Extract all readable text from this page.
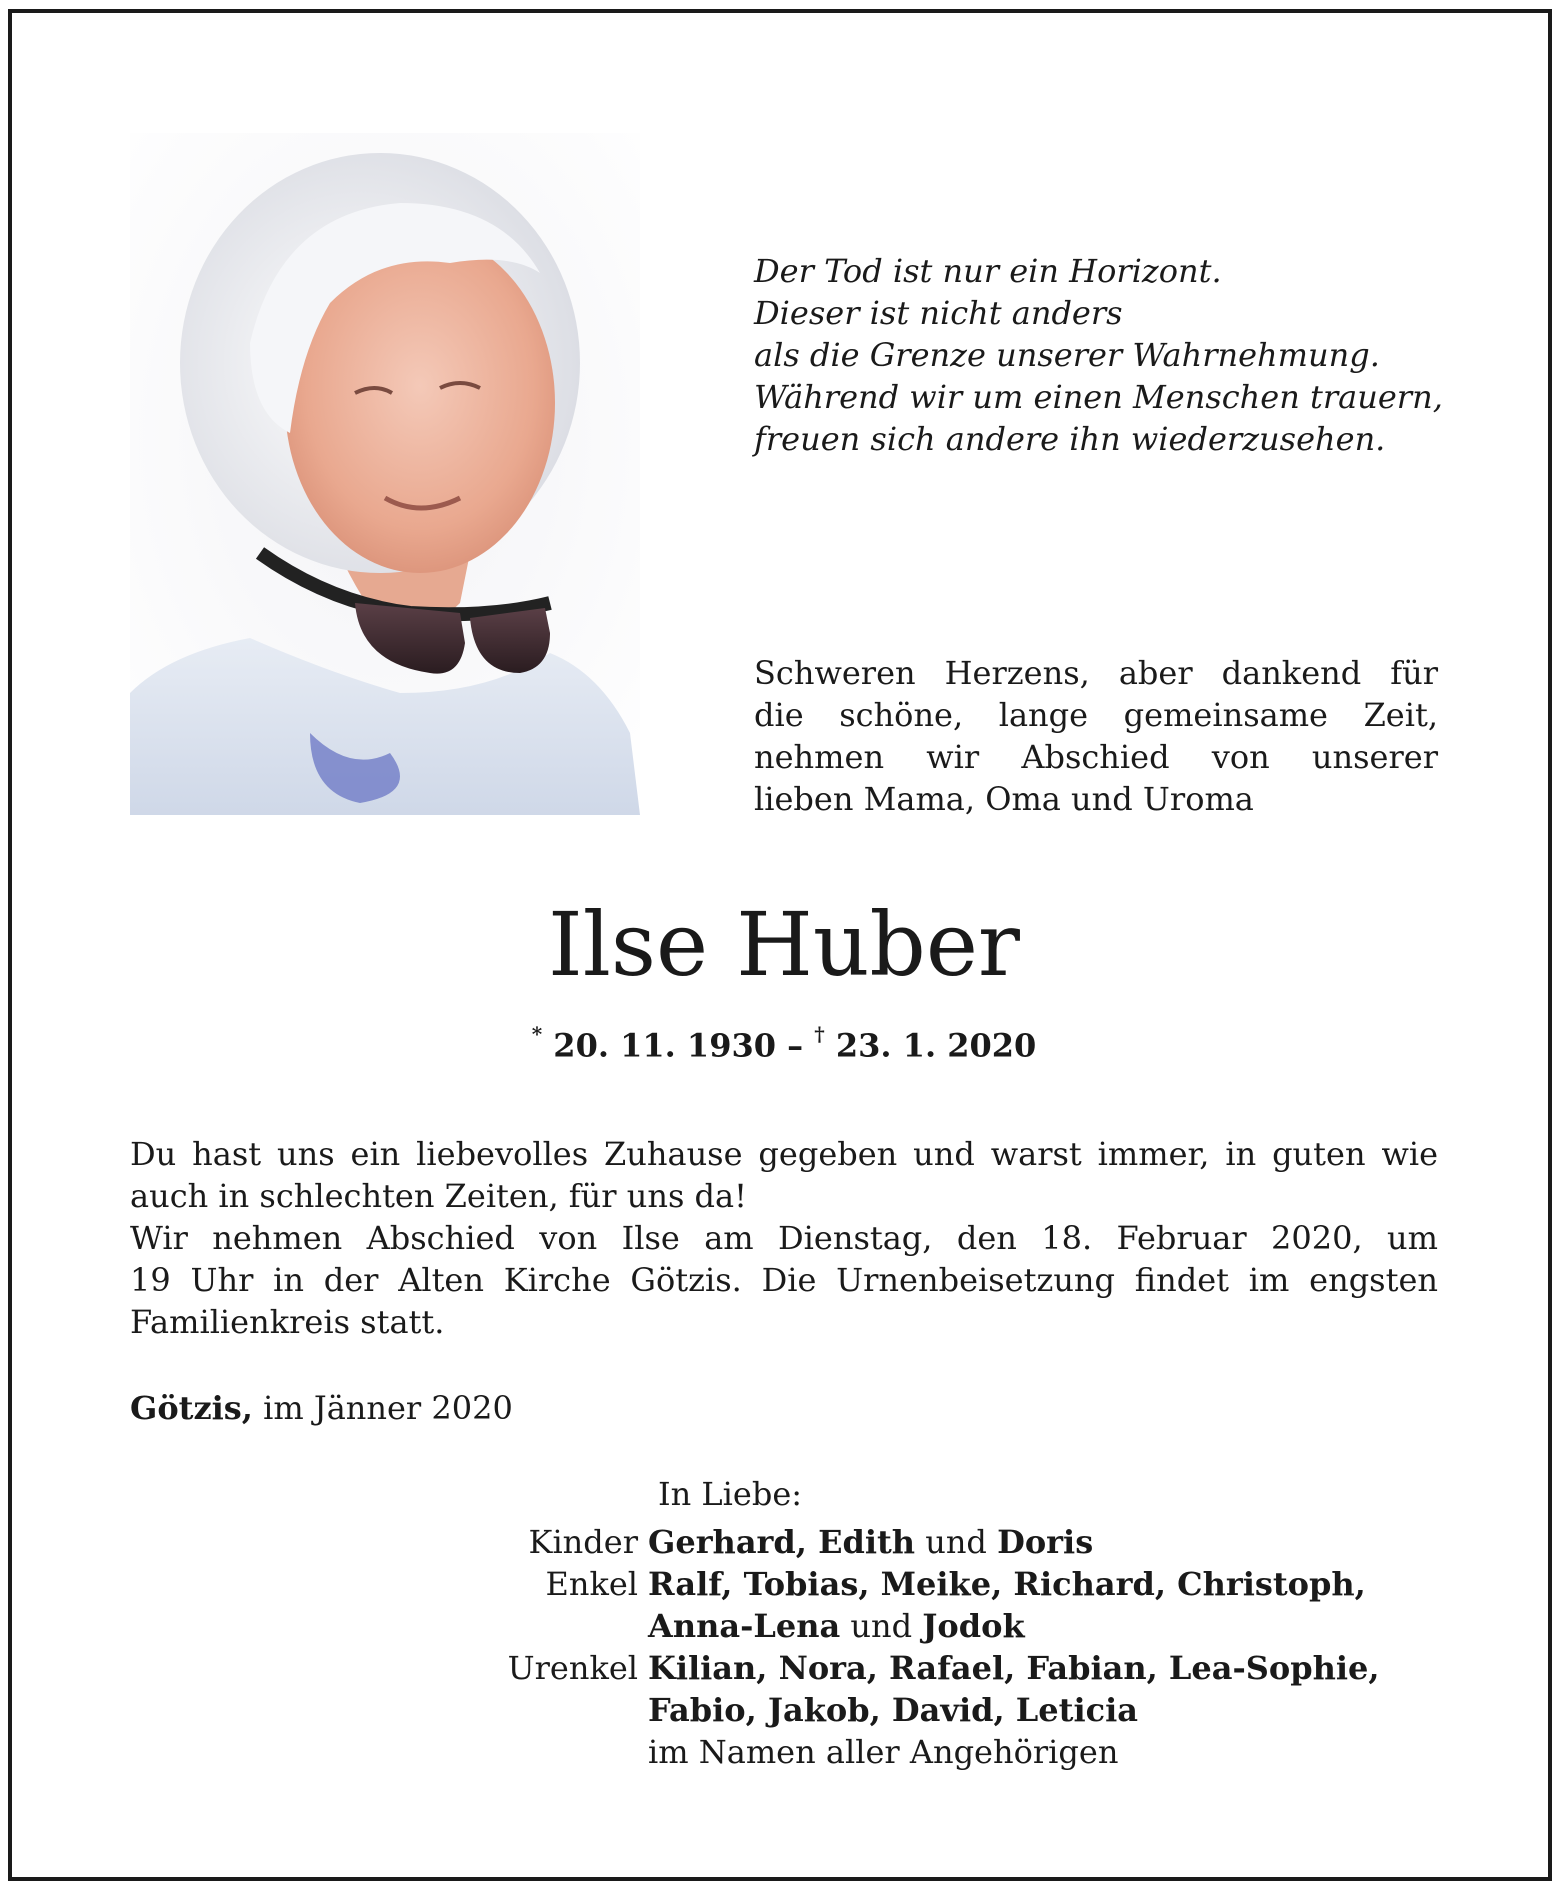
Der Tod ist nur ein Horizont.
Dieser ist nicht anders
als die Grenze unserer Wahrnehmung.
Während wir um einen Menschen trauern,
freuen sich andere ihn wiederzusehen.
Schweren Herzens, aber dankend für
die schöne, lange gemeinsame Zeit,
nehmen wir Abschied von unserer
lieben Mama, Oma und Uroma
Ilse Huber
* 20. 11. 1930 – † 23. 1. 2020
Du hast uns ein liebevolles Zuhause gegeben und warst immer, in guten wie
auch in schlechten Zeiten, für uns da!
Wir nehmen Abschied von Ilse am Dienstag, den 18. Februar 2020, um
19 Uhr in der Alten Kirche Götzis. Die Urnenbeisetzung findet im engsten
Familienkreis statt.
Götzis, im Jänner 2020
In Liebe:
Kinder Gerhard, Edith und Doris
Enkel Ralf, Tobias, Meike, Richard, Christoph,
Anna-Lena und Jodok
Urenkel Kilian, Nora, Rafael, Fabian, Lea-Sophie,
Fabio, Jakob, David, Leticia
im Namen aller Angehörigen
